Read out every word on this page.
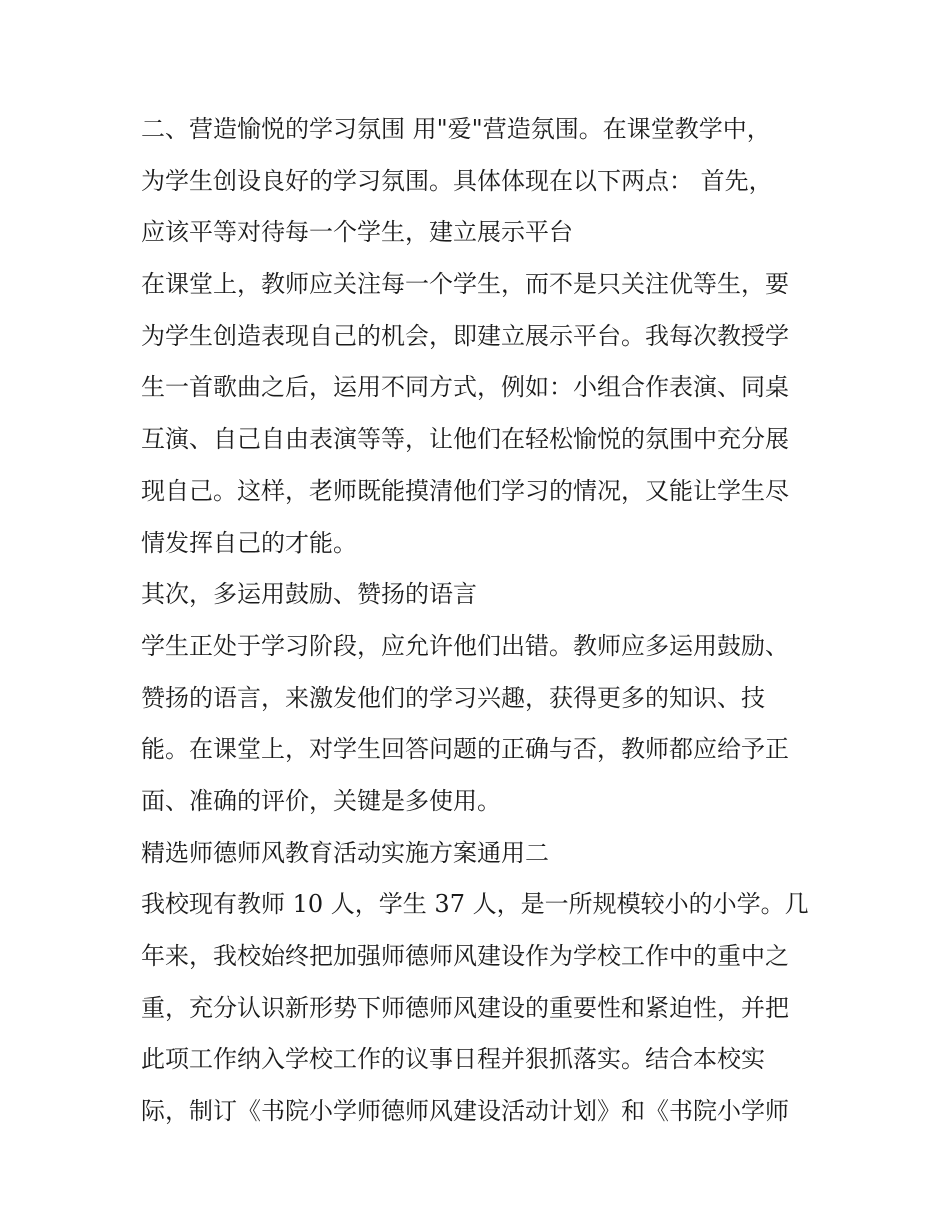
二、营造愉悦的学习氛围 用"爱"营造氛围。在课堂教学中，
为学生创设良好的学习氛围。具体体现在以下两点： 首先，
应该平等对待每一个学生，建立展示平台
在课堂上，教师应关注每一个学生，而不是只关注优等生，要
为学生创造表现自己的机会，即建立展示平台。我每次教授学
生一首歌曲之后，运用不同方式，例如：小组合作表演、同桌
互演、自己自由表演等等，让他们在轻松愉悦的氛围中充分展
现自己。这样，老师既能摸清他们学习的情况，又能让学生尽
情发挥自己的才能。
其次，多运用鼓励、赞扬的语言
学生正处于学习阶段，应允许他们出错。教师应多运用鼓励、
赞扬的语言，来激发他们的学习兴趣，获得更多的知识、技
能。在课堂上，对学生回答问题的正确与否，教师都应给予正
面、准确的评价，关键是多使用。
精选师德师风教育活动实施方案通用二
我校现有教师 10 人，学生 37 人，是一所规模较小的小学。几
年来，我校始终把加强师德师风建设作为学校工作中的重中之
重，充分认识新形势下师德师风建设的重要性和紧迫性，并把
此项工作纳入学校工作的议事日程并狠抓落实。结合本校实
际，制订《书院小学师德师风建设活动计划》和《书院小学师
